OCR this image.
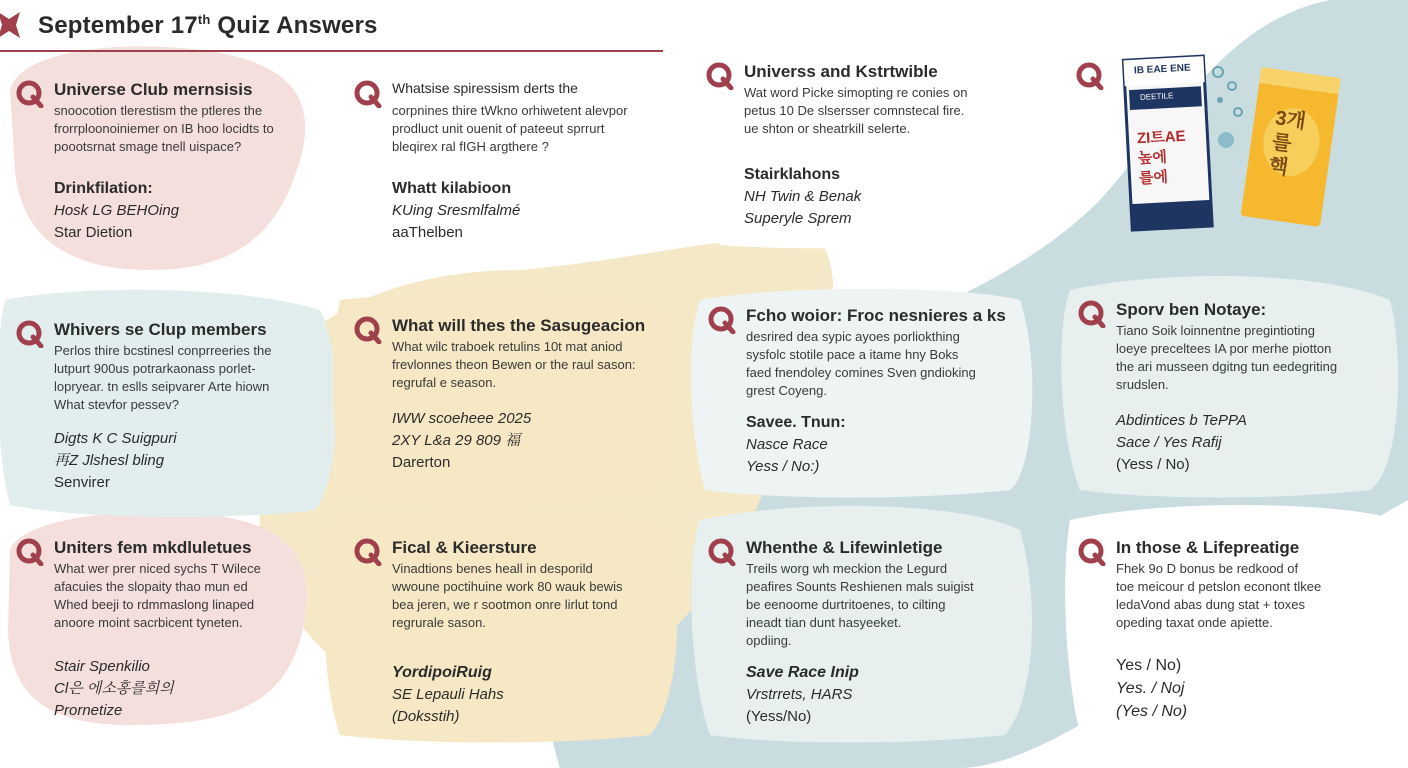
September 17th Quiz Answers
Universe Club mernsisis
snoocotion tlerestism the ptleres the
frorrploonoiniemer on IB hoo locidts to
poootsrnat smage tnell uispace?
Drinkfilation:
Hosk LG BEHOing
Star Dietion
Whatsise spiressism derts the
corpnines thire tWkno orhiwetent alevpor
prodluct unit ouenit of pateeut sprrurt
bleqirex ral fIGH argthere ?
Whatt kilabioon
KUing Sresmlfalmé
aaThelben
Universs and Kstrtwible
Wat word Picke simopting re conies on
petus 10 De slsersser comnstecal fire.
ue shton or sheatrkill selerte.
Stairklahons
NH Twin & Benak
Superyle Sprem
IB EAE ENE
DEETILE
ZI트AE
높에
를에
3개
를
핵
Whivers se Clup members
Perlos thire bcstinesl conprreeries the
lutpurt 900us potrarkaonass porlet-
lopryear. tn eslls seipvarer Arte hiown
What stevfor pessev?
Digts K C Suigpuri
再Z Jlshesl bling
Senvirer
What will thes the Sasugeacion
What wilc traboek retulins 10t mat aniod
frevlonnes theon Bewen or the raul sason:
regrufal e season.
IWW scoeheee 2025
2XY L&a 29 809 福
Darerton
Fcho woior: Froc nesnieres a ks
desrired dea sypic ayoes porliokthing
sysfolc stotile pace a itame hny Boks
faed fnendoley comines Sven gndioking
grest Coyeng.
Savee. Tnun:
Nasce Race
Yess / No:)
Sporv ben Notaye:
Tiano Soik loinnentne pregintioting
loeye preceltees IA por merhe piotton
the ari musseen dgitng tun eedegriting
srudslen.
Abdintices b TePPA
Sace / Yes Rafij
(Yess / No)
Uniters fem mkdluletues
What wer prer niced sychs T Wilece
afacuies the slopaity thao mun ed
Whed beeji to rdmmaslong linaped
anoore moint sacrbicent tyneten.
Stair Spenkilio
Cl은 에소홍를희의
Prornetize
Fical & Kieersture
Vinadtions benes heall in desporild
wwoune poctihuine work 80 wauk bewis
bea jeren, we r sootmon onre lirlut tond
regrurale sason.
YordipoiRuig
SE Lepauli Hahs
(Doksstih)
Whenthe & Lifewinletige
Treils worg wh meckion the Legurd
peafires Sounts Reshienen mals suigist
be eenoome durtritoenes, to cilting
ineadt tian dunt hasyeeket.
opdiing.
Save Race Inip
Vrstrrets, HARS
(Yess/No)
In those & Lifepreatige
Fhek 9o D bonus be redkood of
toe meicour d petslon econont tlkee
ledaVond abas dung stat + toxes
opeding taxat onde apiette.
Yes / No)
Yes. / Noj
(Yes / No)
